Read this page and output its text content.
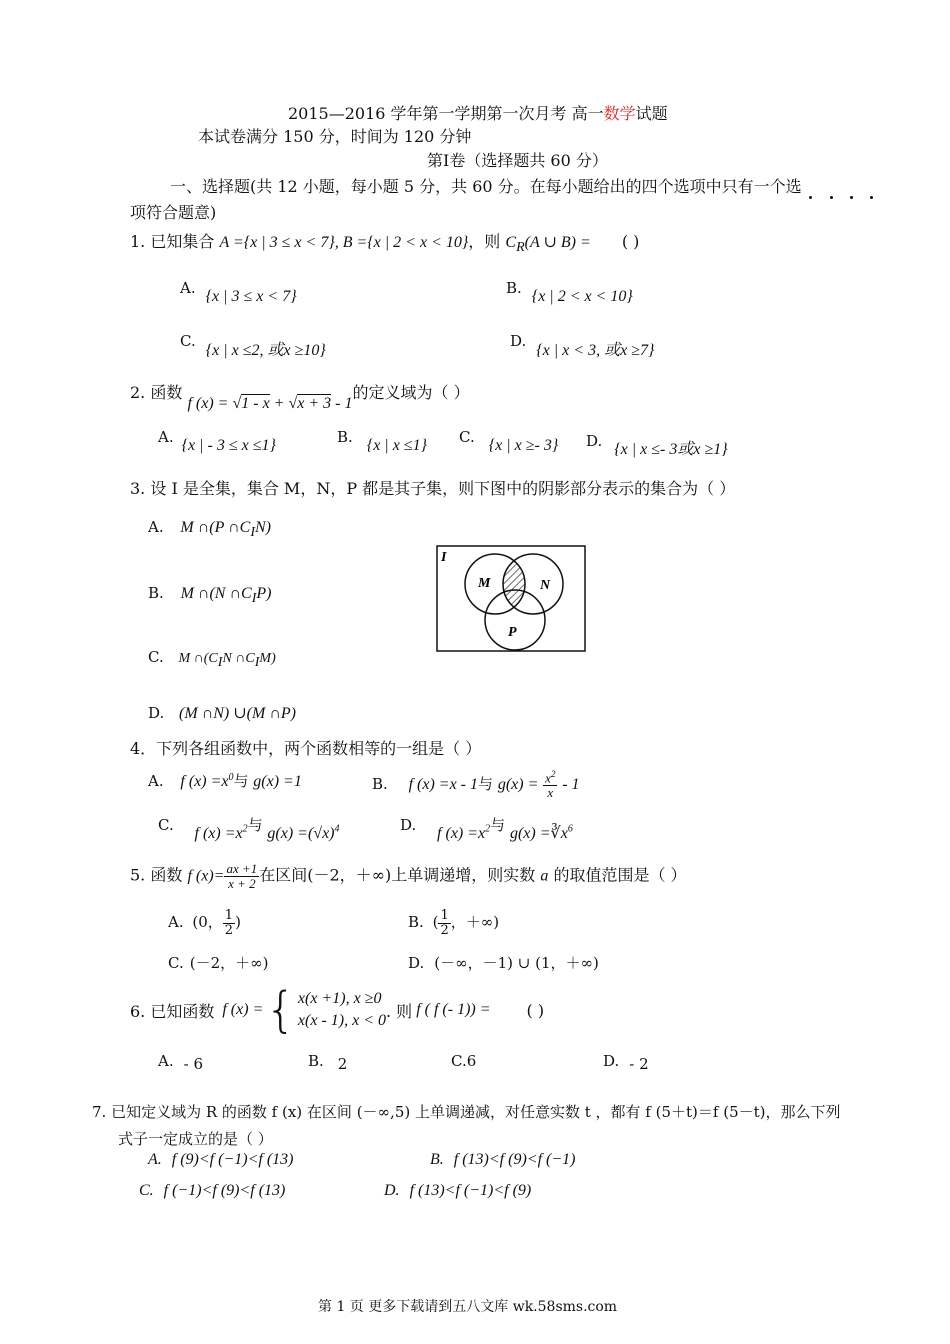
2015—2016 学年第一学期第一次月考 高一数学试题
本试卷满分 150 分，时间为 120 分钟
第Ⅰ卷（选择题共 60 分）
一、选择题(共 12 小题，每小题 5 分，共 60 分。在每小题给出的四个选项中只有一个选
项符合题意)
1. 已知集合 A ={x | 3 ≤ x < 7}, B ={x | 2 < x < 10}，则 $C_R(A$ ∪ B) = ( )
A. {x | 3 ≤ x < 7}	B. {x | 2 < x < 10}
C.{x | x ≤2, 或x ≥10}
D.{x | x < 3, 或x ≥7}
2. 函数 f (x) = √1 - x + √x + 3 - 1的定义域为（ ）
A. {x | - 3 ≤ x ≤1}	B. {x | x ≤1} C. {x | x ≥- 3} D. {x | x ≤- 3或x ≥1}
3. 设 I 是全集，集合 M，N，P 都是其子集，则下图中的阴影部分表示的集合为（ ）
A. M ∩(P $\cap C_IN$)
B. M ∩(N $\cap C_IP$)
C. M $\cap(C_IN$ $\cap C_IM$)
D. (M ∩N) ∪(M ∩P)
I
M	N
P
4．下列各组函数中，两个函数相等的一组是（ ）
A. f $(x) =x^0$与 g(x) =1	B. f (x) =x - 1与 $g(x) = \frac{x^2}{x} - 1$
C. f $(x) =x^2$与 $g(x) =(√x)^4$	D. f $(x) =x^2$与 $g(x) =∛x^6$
5. 函数 f $(x)= \frac{ax +1}{x + 2}$ 在区间(－2，＋∞)上单调递增，则实数 a 的取值范围是（ ）
A. (0， $\frac{1}{2}$ )	B. ( $\frac{1}{2}$ ，＋∞)
C. (－2，＋∞)	D. (－∞，－1) ∪ (1，＋∞)
6. 已知函数 f (x) = { x(x +1), x ≥0
x(x - 1), x < 0 . 则 f ( f (- 1)) = ( )
A. - 6	B. 2	C.6	D. - 2
7. 已知定义域为 R 的函数 f (x) 在区间 (－∞,5) 上单调递减，对任意实数 t ，都有 f (5＋t)＝f (5－t)，那么下列
式子一定成立的是（ ）
A. f (9)<f (−1)<f (13)	B. f (13)<f (9)<f (−1)
C. f (−1)<f (9)<f (13)	D. f (13)<f (−1)<f (9)
第 1 页 更多下载请到五八文库 wk.58sms.com
